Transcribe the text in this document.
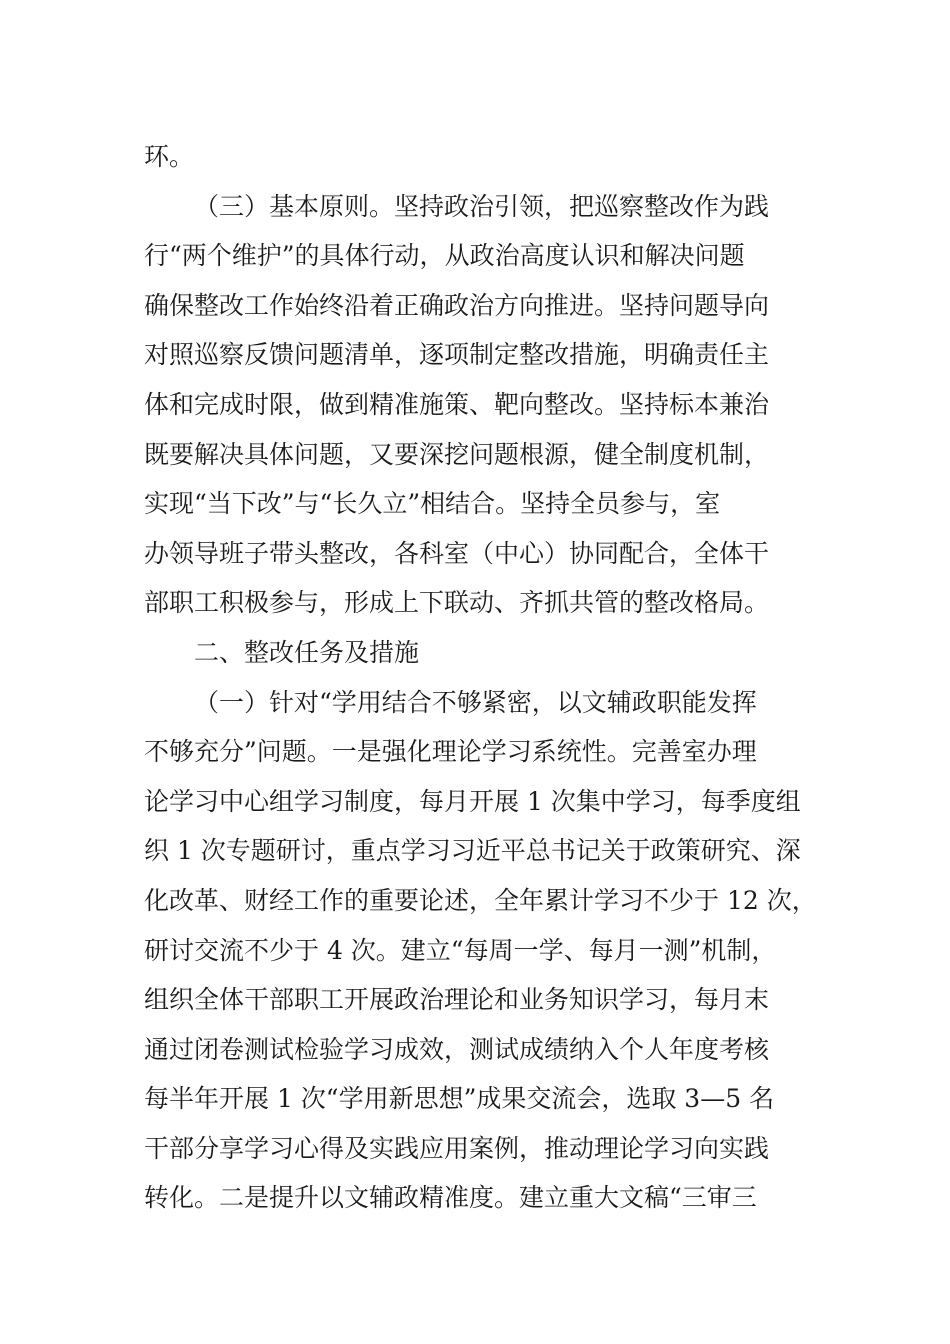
环。
（三）基本原则。坚持政治引领，把巡察整改作为践
行“两个维护”的具体行动，从政治高度认识和解决问题
确保整改工作始终沿着正确政治方向推进。坚持问题导向
对照巡察反馈问题清单，逐项制定整改措施，明确责任主
体和完成时限，做到精准施策、靶向整改。坚持标本兼治
既要解决具体问题，又要深挖问题根源，健全制度机制，
实现“当下改”与“长久立”相结合。坚持全员参与，室
办领导班子带头整改，各科室（中心）协同配合，全体干
部职工积极参与，形成上下联动、齐抓共管的整改格局。
二、整改任务及措施
（一）针对“学用结合不够紧密，以文辅政职能发挥
不够充分”问题。一是强化理论学习系统性。完善室办理
论学习中心组学习制度，每月开展 1 次集中学习，每季度组
织 1 次专题研讨，重点学习习近平总书记关于政策研究、深
化改革、财经工作的重要论述，全年累计学习不少于 12 次，
研讨交流不少于 4 次。建立“每周一学、每月一测”机制，
组织全体干部职工开展政治理论和业务知识学习，每月末
通过闭卷测试检验学习成效，测试成绩纳入个人年度考核
每半年开展 1 次“学用新思想”成果交流会，选取 3—5 名
干部分享学习心得及实践应用案例，推动理论学习向实践
转化。二是提升以文辅政精准度。建立重大文稿“三审三
